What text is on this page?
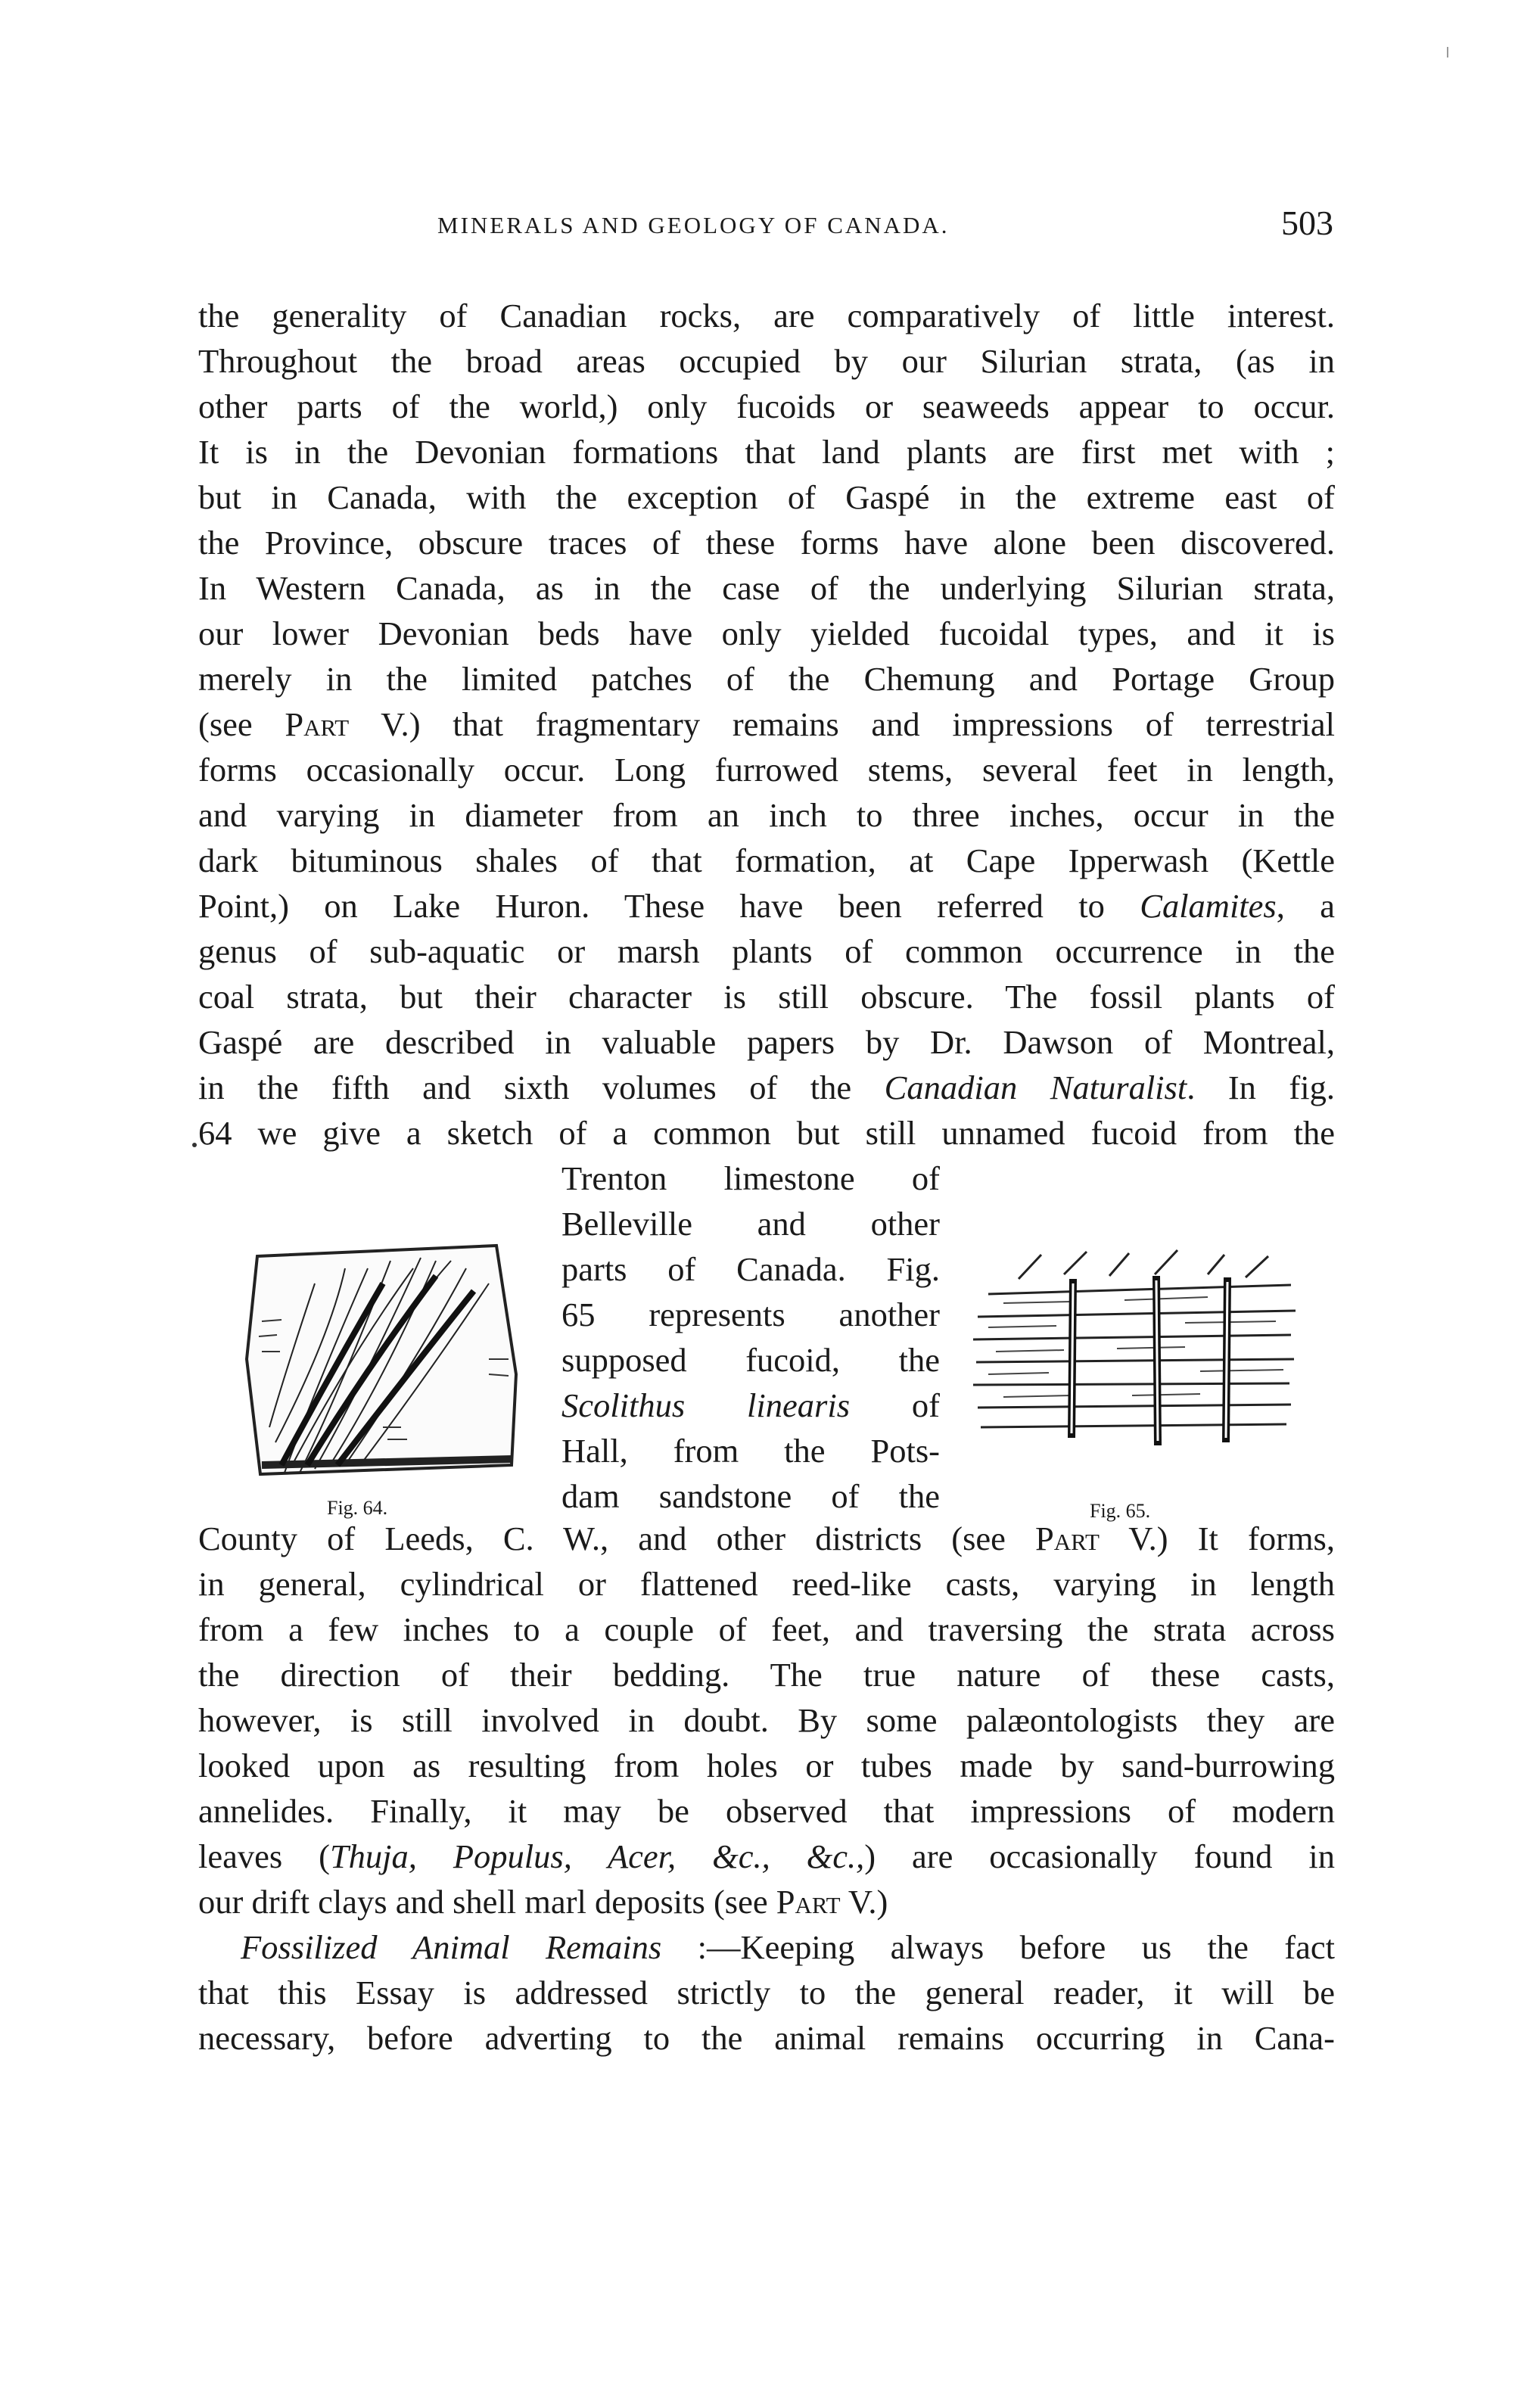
MINERALS AND GEOLOGY OF CANADA.	503
the generality of Canadian rocks, are comparatively of little interest.
Throughout the broad areas occupied by our Silurian strata, (as in
other parts of the world,) only fucoids or seaweeds appear to occur.
It is in the Devonian formations that land plants are first met with ;
but in Canada, with the exception of Gaspé in the extreme east of
the Province, obscure traces of these forms have alone been discovered.
In Western Canada, as in the case of the underlying Silurian strata,
our lower Devonian beds have only yielded fucoidal types, and it is
merely in the limited patches of the Chemung and Portage Group
(see Part V.) that fragmentary remains and impressions of terrestrial
forms occasionally occur. Long furrowed stems, several feet in length,
and varying in diameter from an inch to three inches, occur in the
dark bituminous shales of that formation, at Cape Ipperwash (Kettle
Point,) on Lake Huron. These have been referred to Calamites, a
genus of sub-aquatic or marsh plants of common occurrence in the
coal strata, but their character is still obscure. The fossil plants of
Gaspé are described in valuable papers by Dr. Dawson of Montreal,
in the fifth and sixth volumes of the Canadian Naturalist. In fig.
64 we give a sketch of a common but still unnamed fucoid from the
Fig. 64.
Trenton limestone of
Belleville and other
parts of Canada. Fig.
65 represents another
supposed fucoid, the
Scolithus linearis of
Hall, from the Pots-
dam sandstone of the	Fig. 65.
County of Leeds, C. W., and other districts (see Part V.) It forms,
in general, cylindrical or flattened reed-like casts, varying in length
from a few inches to a couple of feet, and traversing the strata across
the direction of their bedding. The true nature of these casts,
however, is still involved in doubt. By some palæontologists they are
looked upon as resulting from holes or tubes made by sand-burrowing
annelides. Finally, it may be observed that impressions of modern
leaves (Thuja, Populus, Acer, &c., &c.,) are occasionally found in
our drift clays and shell marl deposits (see Part V.)
Fossilized Animal Remains :—Keeping always before us the fact
that this Essay is addressed strictly to the general reader, it will be
necessary, before adverting to the animal remains occurring in Cana-
